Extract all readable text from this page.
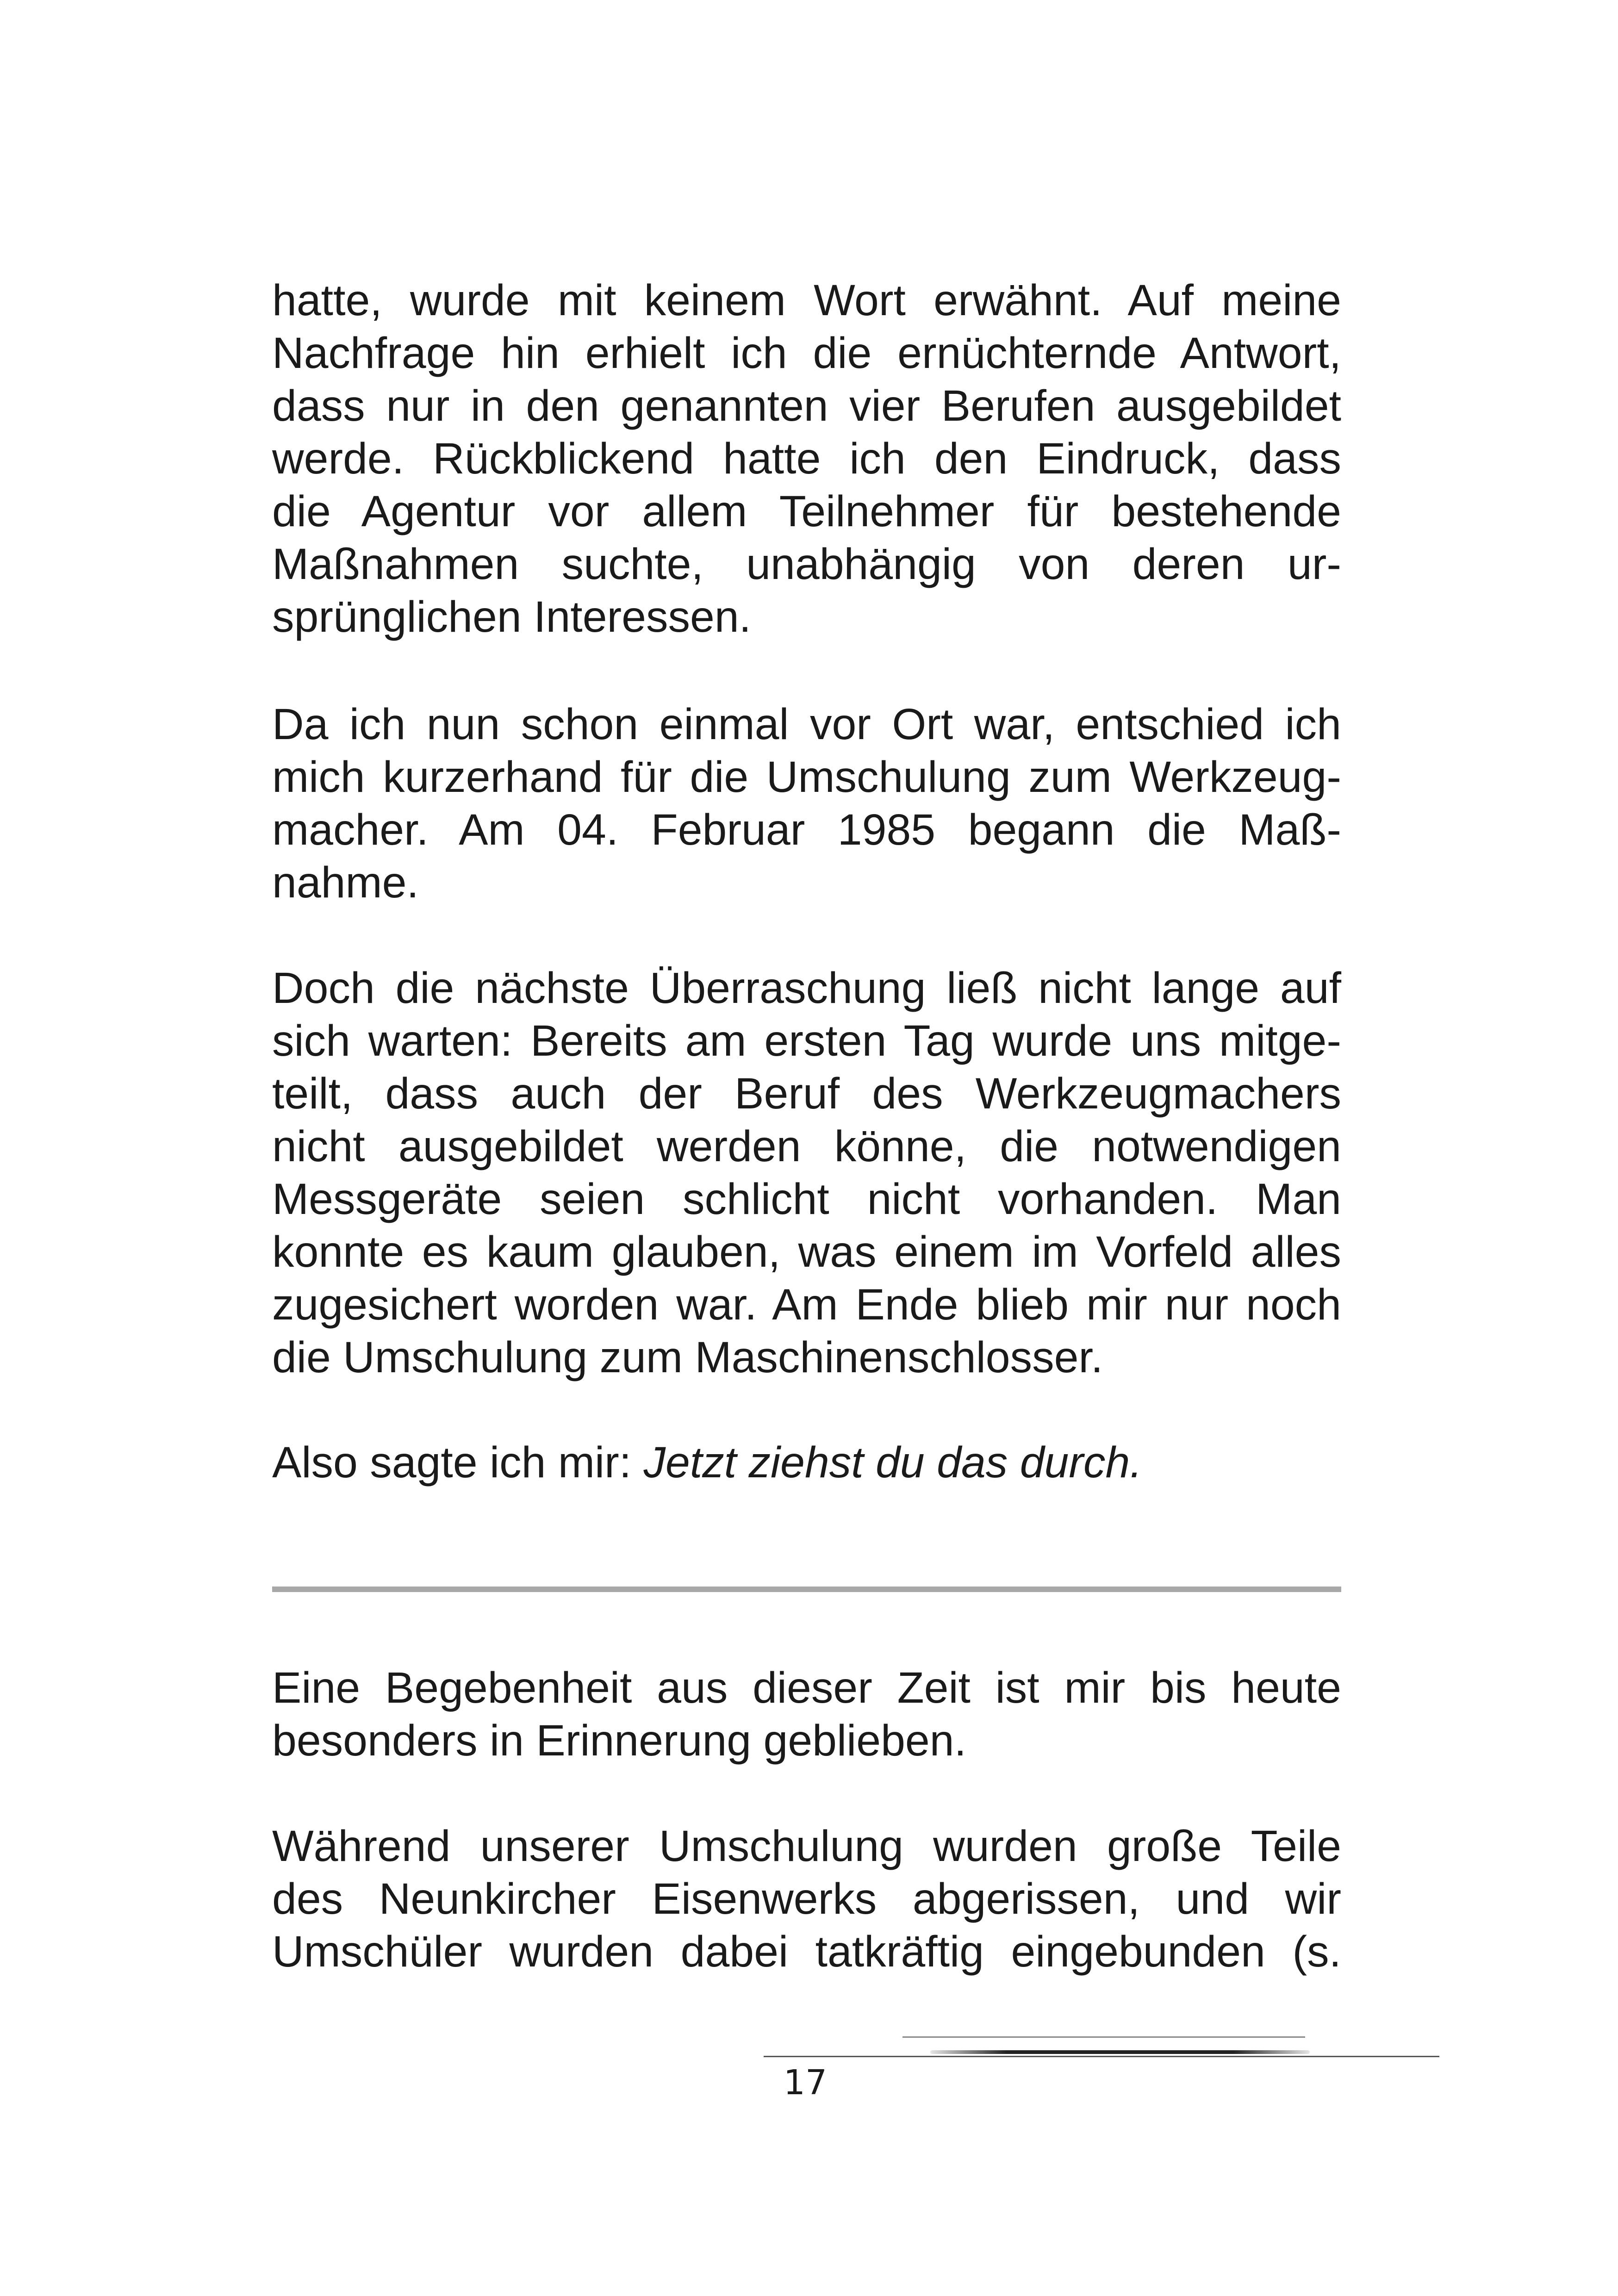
hatte, wurde mit keinem Wort erwähnt. Auf meine
Nachfrage hin erhielt ich die ernüchternde Antwort,
dass nur in den genannten vier Berufen ausgebildet
werde. Rückblickend hatte ich den Eindruck, dass
die Agentur vor allem Teilnehmer für bestehende
Maßnahmen suchte, unabhängig von deren ur-
sprünglichen Interessen.
Da ich nun schon einmal vor Ort war, entschied ich
mich kurzerhand für die Umschulung zum Werkzeug-
macher. Am 04. Februar 1985 begann die Maß-
nahme.
Doch die nächste Überraschung ließ nicht lange auf
sich warten: Bereits am ersten Tag wurde uns mitge-
teilt, dass auch der Beruf des Werkzeugmachers
nicht ausgebildet werden könne, die notwendigen
Messgeräte seien schlicht nicht vorhanden. Man
konnte es kaum glauben, was einem im Vorfeld alles
zugesichert worden war. Am Ende blieb mir nur noch
die Umschulung zum Maschinenschlosser.
Also sagte ich mir: Jetzt ziehst du das durch.
Eine Begebenheit aus dieser Zeit ist mir bis heute
besonders in Erinnerung geblieben.
Während unserer Umschulung wurden große Teile
des Neunkircher Eisenwerks abgerissen, und wir
Umschüler wurden dabei tatkräftig eingebunden (s.
17
